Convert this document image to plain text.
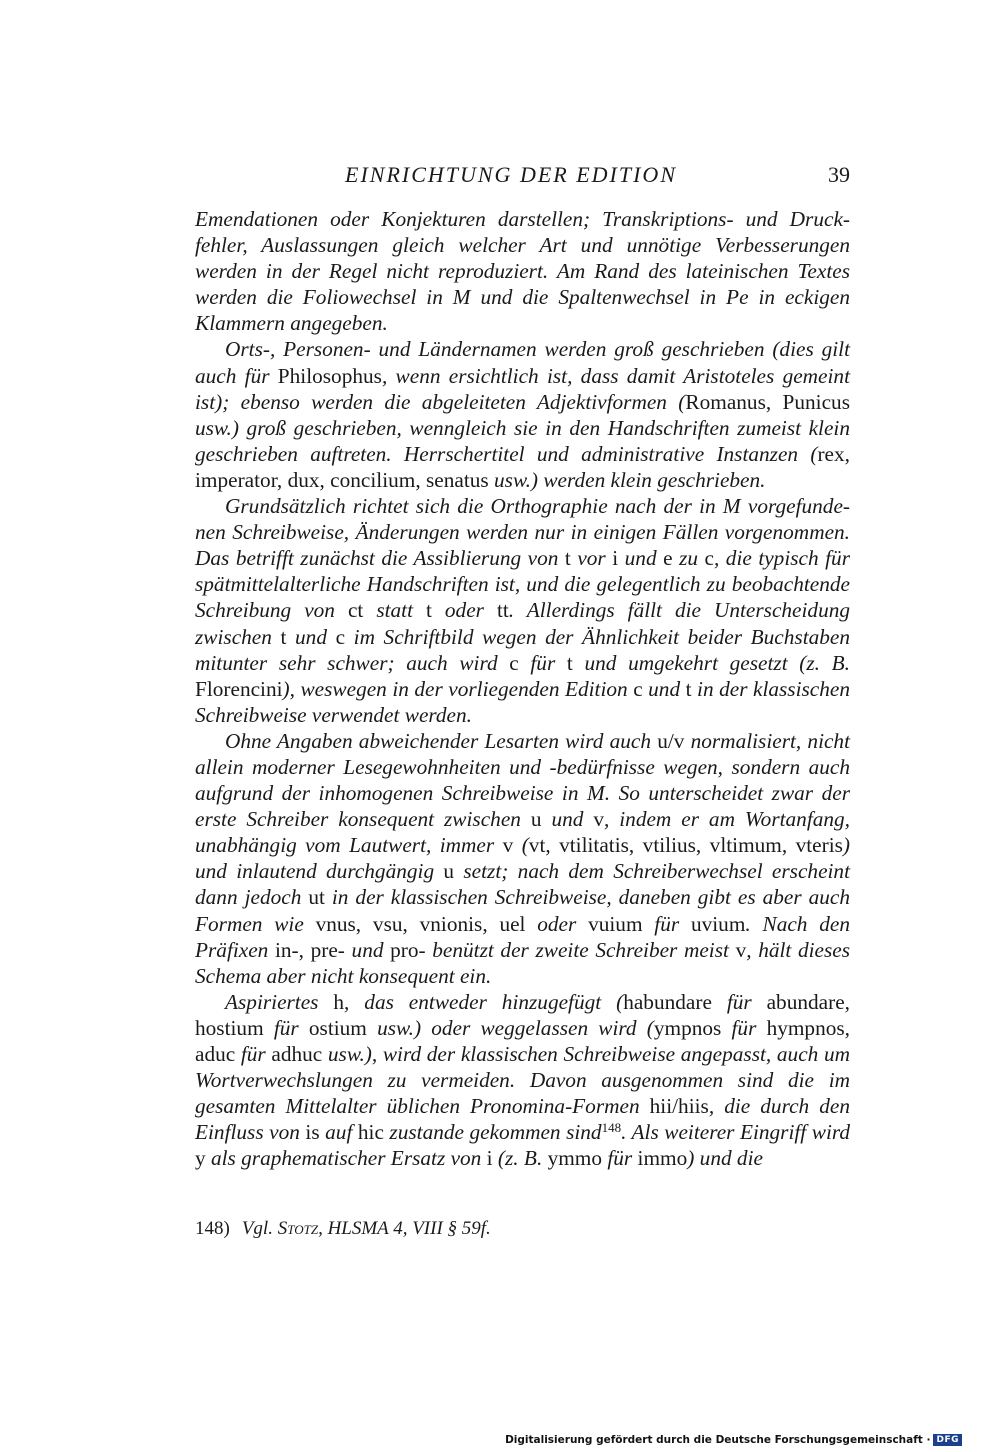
EINRICHTUNG DER EDITION	39

Emendationen oder Konjekturen darstellen; Transkriptions- und Druckfehler, Auslassungen gleich welcher Art und unnötige Verbesserungen werden in der Regel nicht reproduziert. Am Rand des lateinischen Textes werden die Foliowechsel in M und die Spaltenwechsel in Pe in eckigen Klammern angegeben.

Orts-, Personen- und Ländernamen werden groß geschrieben (dies gilt auch für Philosophus, wenn ersichtlich ist, dass damit Aristoteles gemeint ist); ebenso werden die abgeleiteten Adjektivformen (Romanus, Punicus usw.) groß geschrieben, wenngleich sie in den Handschriften zumeist klein geschrieben auftreten. Herrschertitel und administrative Instanzen (rex, imperator, dux, concilium, senatus usw.) werden klein geschrieben.

Grundsätzlich richtet sich die Orthographie nach der in M vorgefundenen Schreibweise, Änderungen werden nur in einigen Fällen vorgenommen. Das betrifft zunächst die Assiblierung von t vor i und e zu c, die typisch für spätmittelalterliche Handschriften ist, und die gelegentlich zu beobachtende Schreibung von ct statt t oder tt. Allerdings fällt die Unterscheidung zwischen t und c im Schriftbild wegen der Ähnlichkeit beider Buchstaben mitunter sehr schwer; auch wird c für t und umgekehrt gesetzt (z. B. Florencini), weswegen in der vorliegenden Edition c und t in der klassischen Schreibweise verwendet werden.

Ohne Angaben abweichender Lesarten wird auch u/v normalisiert, nicht allein moderner Lesegewohnheiten und -bedürfnisse wegen, sondern auch aufgrund der inhomogenen Schreibweise in M. So unterscheidet zwar der erste Schreiber konsequent zwischen u und v, indem er am Wortanfang, unabhängig vom Lautwert, immer v (vt, vtilitatis, vtilius, vltimum, vteris) und inlautend durchgängig u setzt; nach dem Schreiberwechsel erscheint dann jedoch ut in der klassischen Schreibweise, daneben gibt es aber auch Formen wie vnus, vsu, vnionis, uel oder vuium für uvium. Nach den Präfixen in-, pre- und pro- benützt der zweite Schreiber meist v, hält dieses Schema aber nicht konsequent ein.

Aspiriertes h, das entweder hinzugefügt (habundare für abundare, hostium für ostium usw.) oder weggelassen wird (ympnos für hympnos, aduc für adhuc usw.), wird der klassischen Schreibweise angepasst, auch um Wortverwechslungen zu vermeiden. Davon ausgenommen sind die im gesamten Mittelalter üblichen Pronomina-Formen hii/hiis, die durch den Einfluss von is auf hic zustande gekommen sind$^{148}$. Als weiterer Eingriff wird y als graphematischer Ersatz von i (z. B. ymmo für immo) und die

148) Vgl. Stotz, HLSMA 4, VIII § 59f.
Digitalisierung gefördert durch die Deutsche Forschungsgemeinschaft · DFG
